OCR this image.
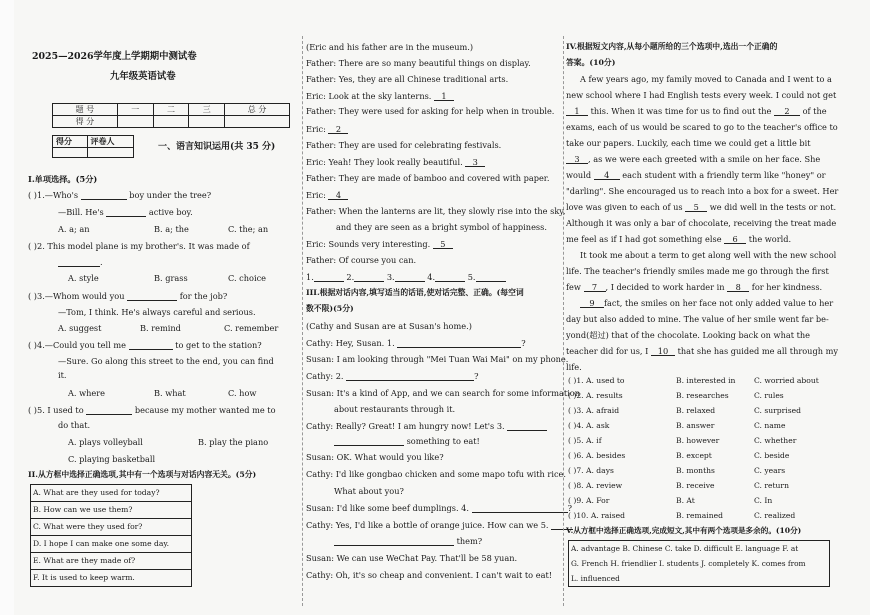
2025—2026学年度上学期期中测试卷
九年级英语试卷
题 号	一	二	三	总 分
得 分				
得分	评卷人

一、语言知识运用(共 35 分)
I.单项选择。(5分)
( )1.—Who's	boy under the tree?
—Bill. He's	active boy.
A. a; an	B. a; the	C. the; an
( )2. This model plane is my brother's. It was made of
.
A. style	B. grass	C. choice
( )3.—Whom would you	for the job?
—Tom, I think. He's always careful and serious.
A. suggest	B. remind	C. remember
( )4.—Could you tell me	to get to the station?
—Sure. Go along this street to the end, you can find
it.
A. where	B. what	C. how
( )5. I used to	because my mother wanted me to
do that.
A. plays volleyball	B. play the piano
C. playing basketball
II.从方框中选择正确选项,其中有一个选项与对话内容无关。(5分)
A. What are they used for today?
B. How can we use them?
C. What were they used for?
D. I hope I can make one some day.
E. What are they made of?
F. It is used to keep warm.
(Eric and his father are in the museum.)
Father: There are so many beautiful things on display.
Father: Yes, they are all Chinese traditional arts.
Eric: Look at the sky lanterns. 1
Father: They were used for asking for help when in trouble.
Eric: 2
Father: They are used for celebrating festivals.
Eric: Yeah! They look really beautiful. 3
Father: They are made of bamboo and covered with paper.
Eric: 4
Father: When the lanterns are lit, they slowly rise into the sky,
and they are seen as a bright symbol of happiness.
Eric: Sounds very interesting. 5
Father: Of course you can.
1.	2.	3.	4.	5.
III.根据对话内容,填写适当的话语,使对话完整、正确。(每空词
数不限)(5分)
(Cathy and Susan are at Susan's home.)
Cathy: Hey, Susan. 1.	?
Susan: I am looking through "Mei Tuan Wai Mai" on my phone.
Cathy: 2.	?
Susan: It's a kind of App, and we can search for some information
about restaurants through it.
Cathy: Really? Great! I am hungry now! Let's 3.
something to eat!
Susan: OK. What would you like?
Cathy: I'd like gongbao chicken and some mapo tofu with rice.
What about you?
Susan: I'd like some beef dumplings. 4.	?
Cathy: Yes, I'd like a bottle of orange juice. How can we 5.
them?
Susan: We can use WeChat Pay. That'll be 58 yuan.
Cathy: Oh, it's so cheap and convenient. I can't wait to eat!
IV.根据短文内容,从每小题所给的三个选项中,选出一个正确的
答案。(10分)
A few years ago, my family moved to Canada and I went to a
new school where I had English tests every week. I could not get
1 this. When it was time for us to find out the 2 of the
exams, each of us would be scared to go to the teacher's office to
take our papers. Luckily, each time we could get a little bit
3 , as we were each greeted with a smile on her face. She
would 4 each student with a friendly term like "honey" or
"darling". She encouraged us to reach into a box for a sweet. Her
love was given to each of us 5 we did well in the tests or not.
Although it was only a bar of chocolate, receiving the treat made
me feel as if I had got something else 6 the world.
It took me about a term to get along well with the new school
life. The teacher's friendly smiles made me go through the first
few 7 , I decided to work harder in 8 for her kindness.
9 fact, the smiles on her face not only added value to her
day but also added to mine. The value of her smile went far be-
yond(超过) that of the chocolate. Looking back on what the
teacher did for us, I 10 that she has guided me all through my
life.
( )1. A. used to	B. interested in C. worried about
( )2. A. results	B. researches	C. rules
( )3. A. afraid	B. relaxed	C. surprised
( )4. A. ask	B. answer	C. name
( )5. A. if	B. however	C. whether
( )6. A. besides	B. except	C. beside
( )7. A. days	B. months	C. years
( )8. A. review	B. receive	C. return
( )9. A. For	B. At	C. In
( )10. A. raised	B. remained	C. realized
V.从方框中选择正确选项,完成短文,其中有两个选项是多余的。(10分)
A. advantage B. Chinese C. take D. difficult E. language F. at
G. French H. friendlier I. students J. completely K. comes from
L. influenced
